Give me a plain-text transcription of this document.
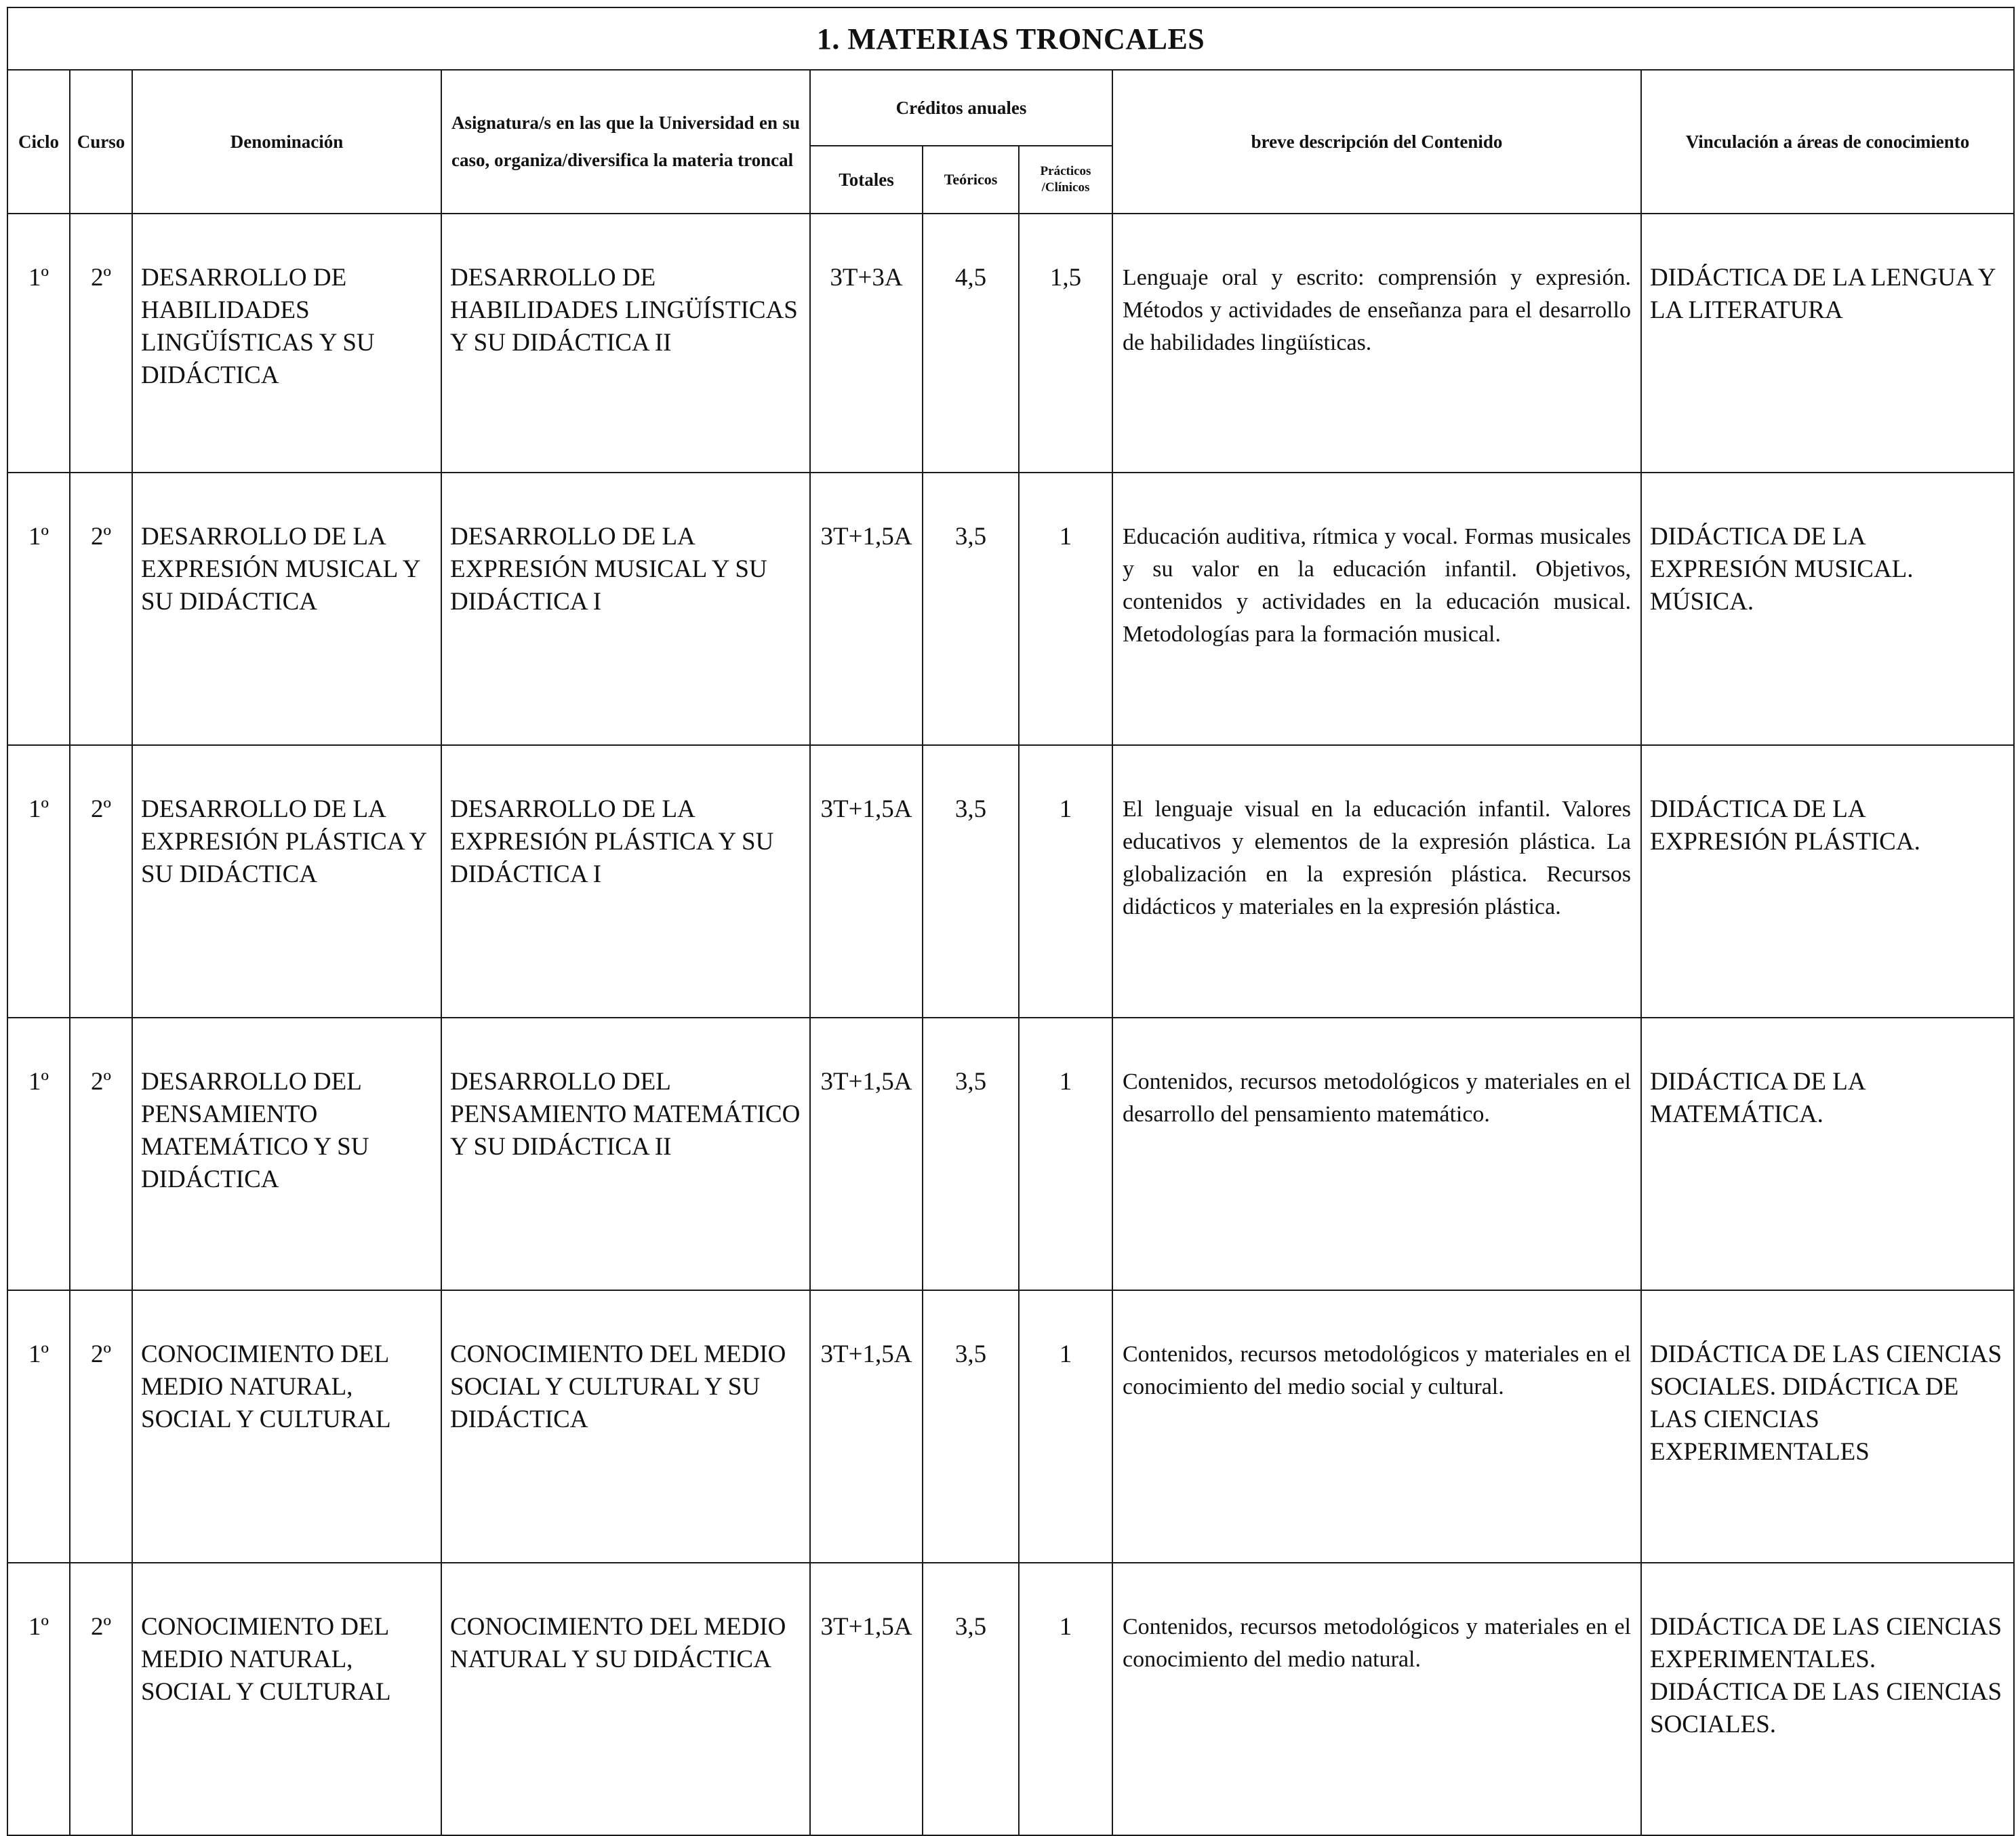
1. MATERIAS TRONCALES								
Ciclo	Curso	Denominación	Asignatura/s en las que la Universidad en su caso, organiza/diversifica la materia troncal	Créditos anuales			breve descripción del Contenido	Vinculación a áreas de conocimiento
				Totales	Teóricos	Prácticos /Clínicos		
1º	2º	DESARROLLO DE HABILIDADES LINGÜÍSTICAS Y SU DIDÁCTICA	DESARROLLO DE HABILIDADES LINGÜÍSTICAS Y SU DIDÁCTICA II	3T+3A	4,5	1,5	Lenguaje oral y escrito: comprensión y expresión. Métodos y actividades de enseñanza para el desarrollo de habilidades lingüísticas.	DIDÁCTICA DE LA LENGUA Y LA LITERATURA
1º	2º	DESARROLLO DE LA EXPRESIÓN MUSICAL Y SU DIDÁCTICA	DESARROLLO DE LA EXPRESIÓN MUSICAL Y SU DIDÁCTICA I	3T+1,5A	3,5	1	Educación auditiva, rítmica y vocal. Formas musicales y su valor en la educación infantil. Objetivos, contenidos y actividades en la educación musical. Metodologías para la formación musical.	DIDÁCTICA DE LA EXPRESIÓN MUSICAL. MÚSICA.
1º	2º	DESARROLLO DE LA EXPRESIÓN PLÁSTICA Y SU DIDÁCTICA	DESARROLLO DE LA EXPRESIÓN PLÁSTICA Y SU DIDÁCTICA I	3T+1,5A	3,5	1	El lenguaje visual en la educación infantil. Valores educativos y elementos de la expresión plástica. La globalización en la expresión plástica. Recursos didácticos y materiales en la expresión plástica.	DIDÁCTICA DE LA EXPRESIÓN PLÁSTICA.
1º	2º	DESARROLLO DEL PENSAMIENTO MATEMÁTICO Y SU DIDÁCTICA	DESARROLLO DEL PENSAMIENTO MATEMÁTICO Y SU DIDÁCTICA II	3T+1,5A	3,5	1	Contenidos, recursos metodológicos y materiales en el desarrollo del pensamiento matemático.	DIDÁCTICA DE LA MATEMÁTICA.
1º	2º	CONOCIMIENTO DEL MEDIO NATURAL, SOCIAL Y CULTURAL	CONOCIMIENTO DEL MEDIO SOCIAL Y CULTURAL Y SU DIDÁCTICA	3T+1,5A	3,5	1	Contenidos, recursos metodológicos y materiales en el conocimiento del medio social y cultural.	DIDÁCTICA DE LAS CIENCIAS SOCIALES. DIDÁCTICA DE LAS CIENCIAS EXPERIMENTALES
1º	2º	CONOCIMIENTO DEL MEDIO NATURAL, SOCIAL Y CULTURAL	CONOCIMIENTO DEL MEDIO NATURAL Y SU DIDÁCTICA	3T+1,5A	3,5	1	Contenidos, recursos metodológicos y materiales en el conocimiento del medio natural.	DIDÁCTICA DE LAS CIENCIAS EXPERIMENTALES. DIDÁCTICA DE LAS CIENCIAS SOCIALES.
